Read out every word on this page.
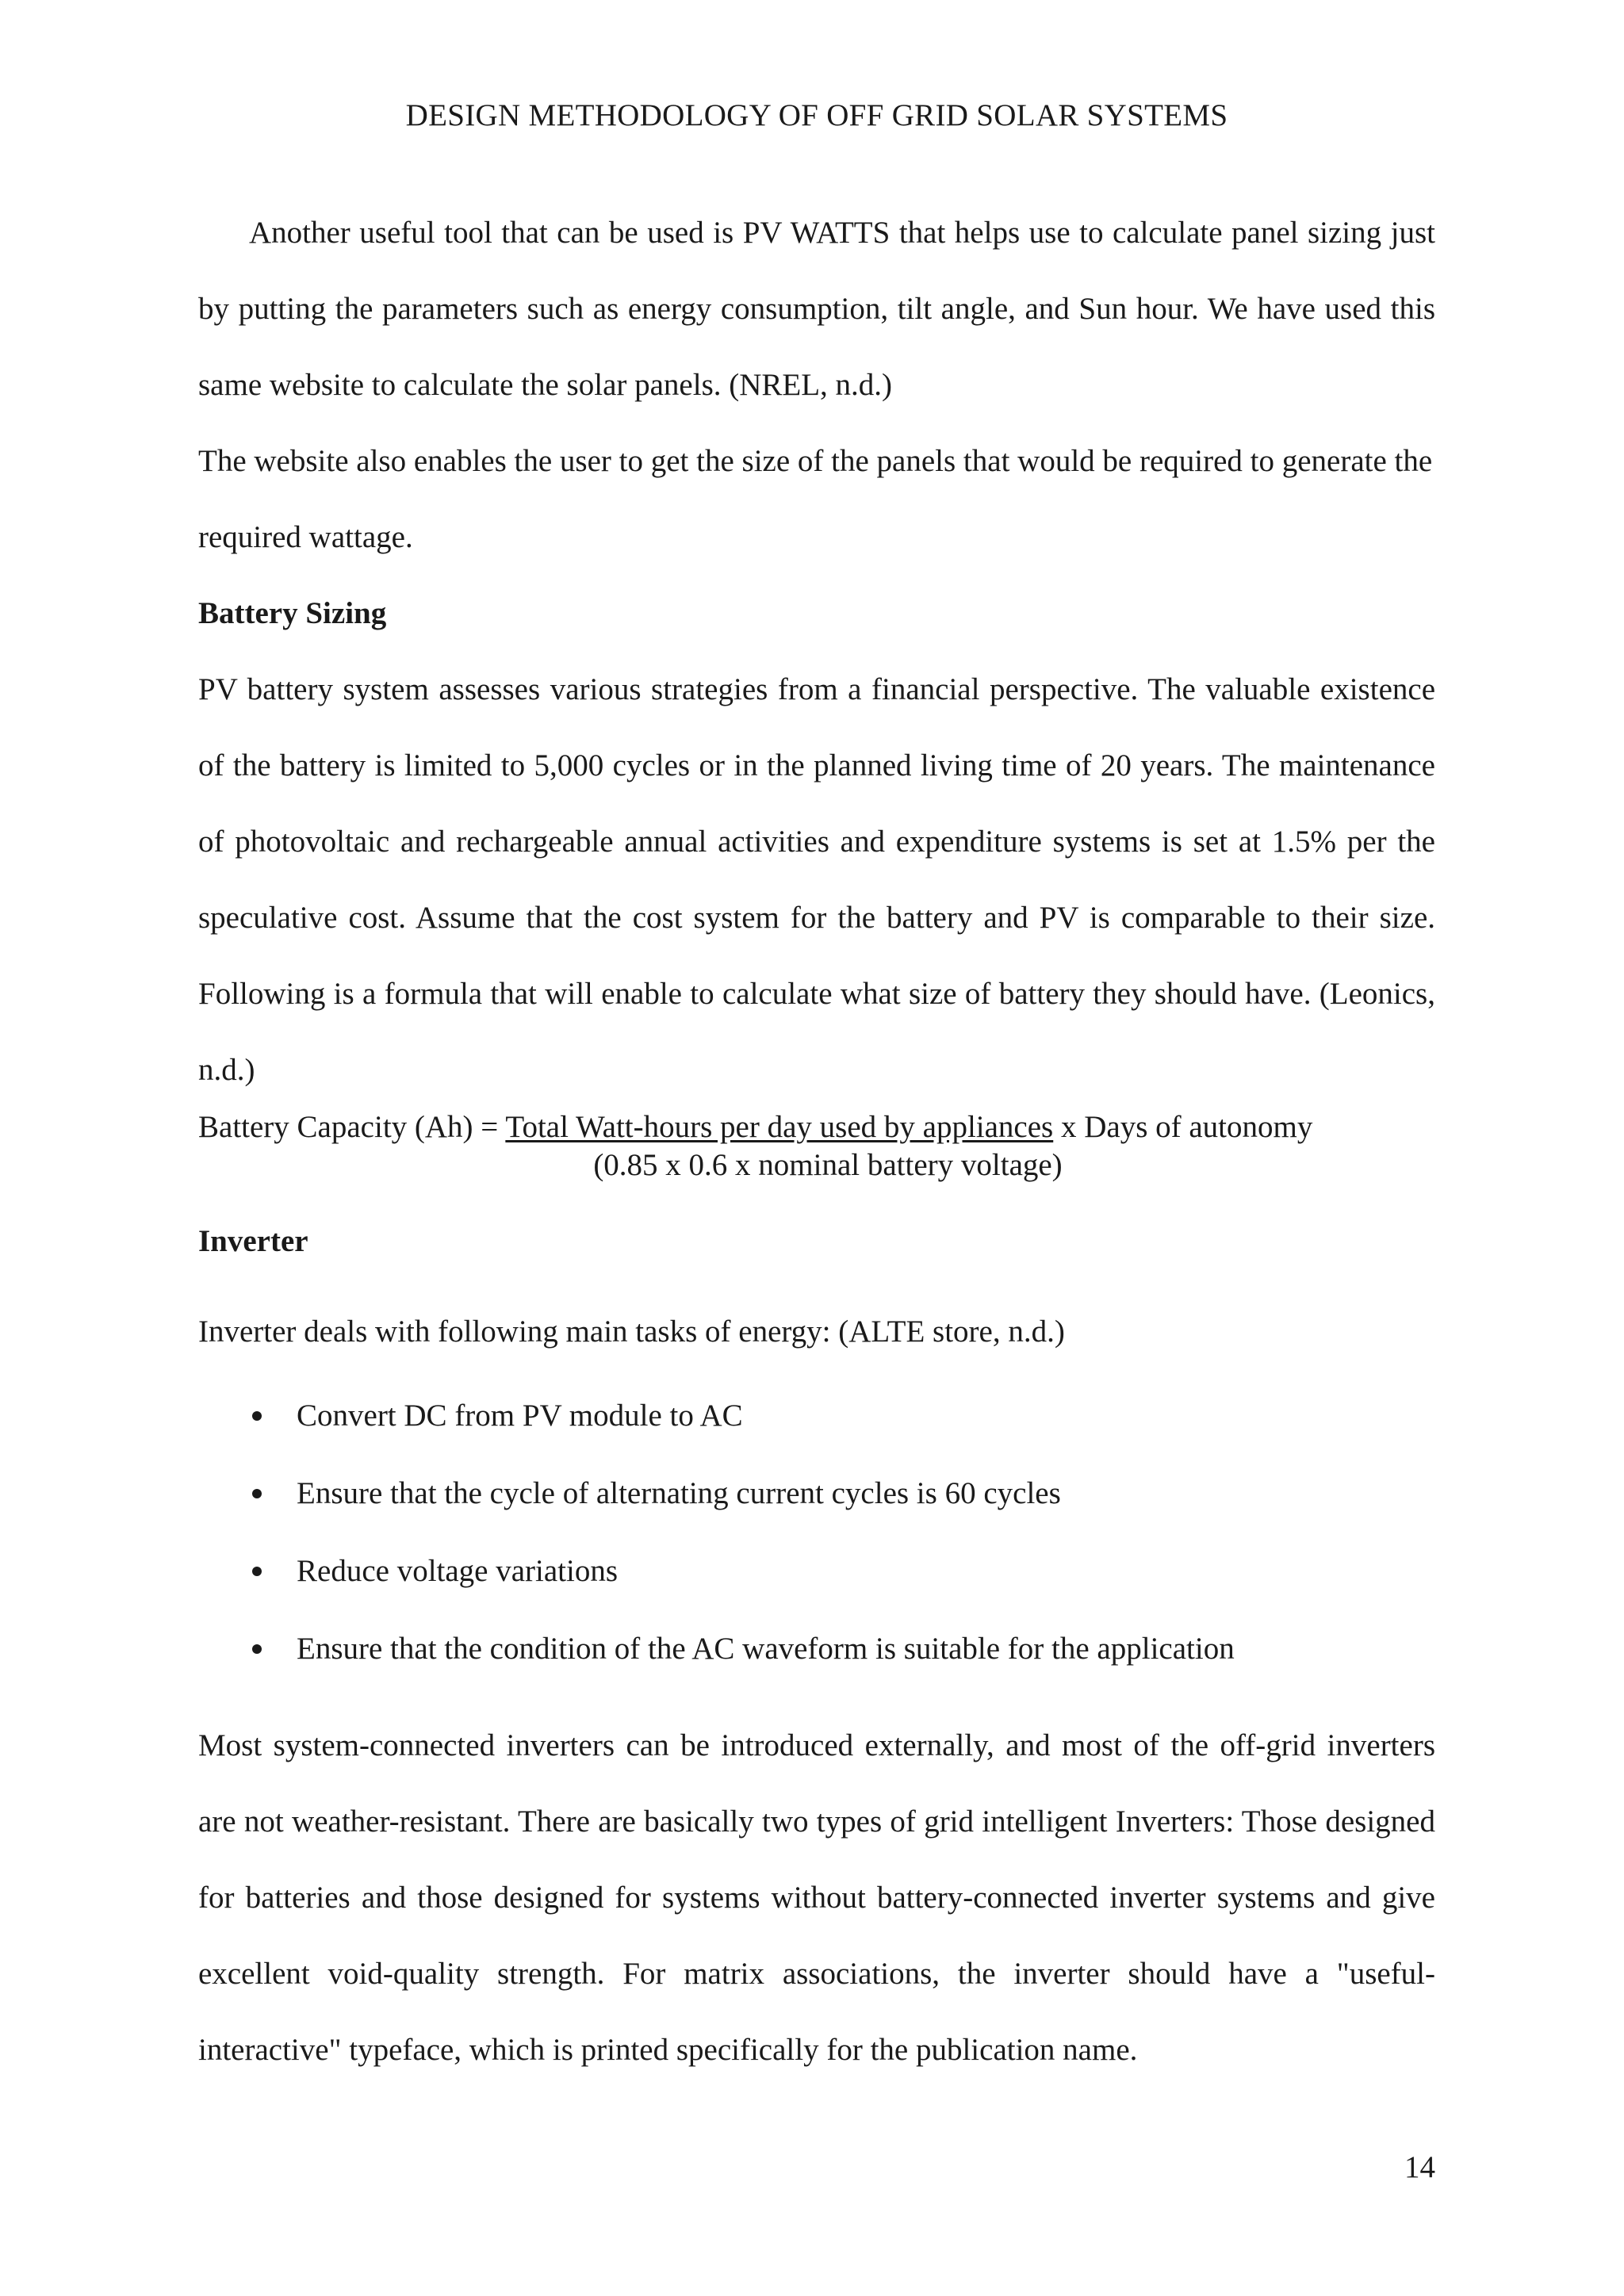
DESIGN METHODOLOGY OF OFF GRID SOLAR SYSTEMS

Another useful tool that can be used is PV WATTS that helps use to calculate panel sizing just by putting the parameters such as energy consumption, tilt angle, and Sun hour. We have used this same website to calculate the solar panels. (NREL, n.d.)

The website also enables the user to get the size of the panels that would be required to generate the required wattage.

Battery Sizing

PV battery system assesses various strategies from a financial perspective. The valuable existence of the battery is limited to 5,000 cycles or in the planned living time of 20 years. The maintenance of photovoltaic and rechargeable annual activities and expenditure systems is set at 1.5% per the speculative cost. Assume that the cost system for the battery and PV is comparable to their size. Following is a formula that will enable to calculate what size of battery they should have. (Leonics, n.d.)

Battery Capacity (Ah) = Total Watt-hours per day used by appliances x Days of autonomy
(0.85 x 0.6 x nominal battery voltage)
Inverter

Inverter deals with following main tasks of energy: (ALTE store, n.d.)

Convert DC from PV module to AC
Ensure that the cycle of alternating current cycles is 60 cycles
Reduce voltage variations
Ensure that the condition of the AC waveform is suitable for the application

Most system-connected inverters can be introduced externally, and most of the off-grid inverters are not weather-resistant. There are basically two types of grid intelligent Inverters: Those designed for batteries and those designed for systems without battery-connected inverter systems and give excellent void-quality strength. For matrix associations, the inverter should have a "useful-interactive" typeface, which is printed specifically for the publication name.

14
